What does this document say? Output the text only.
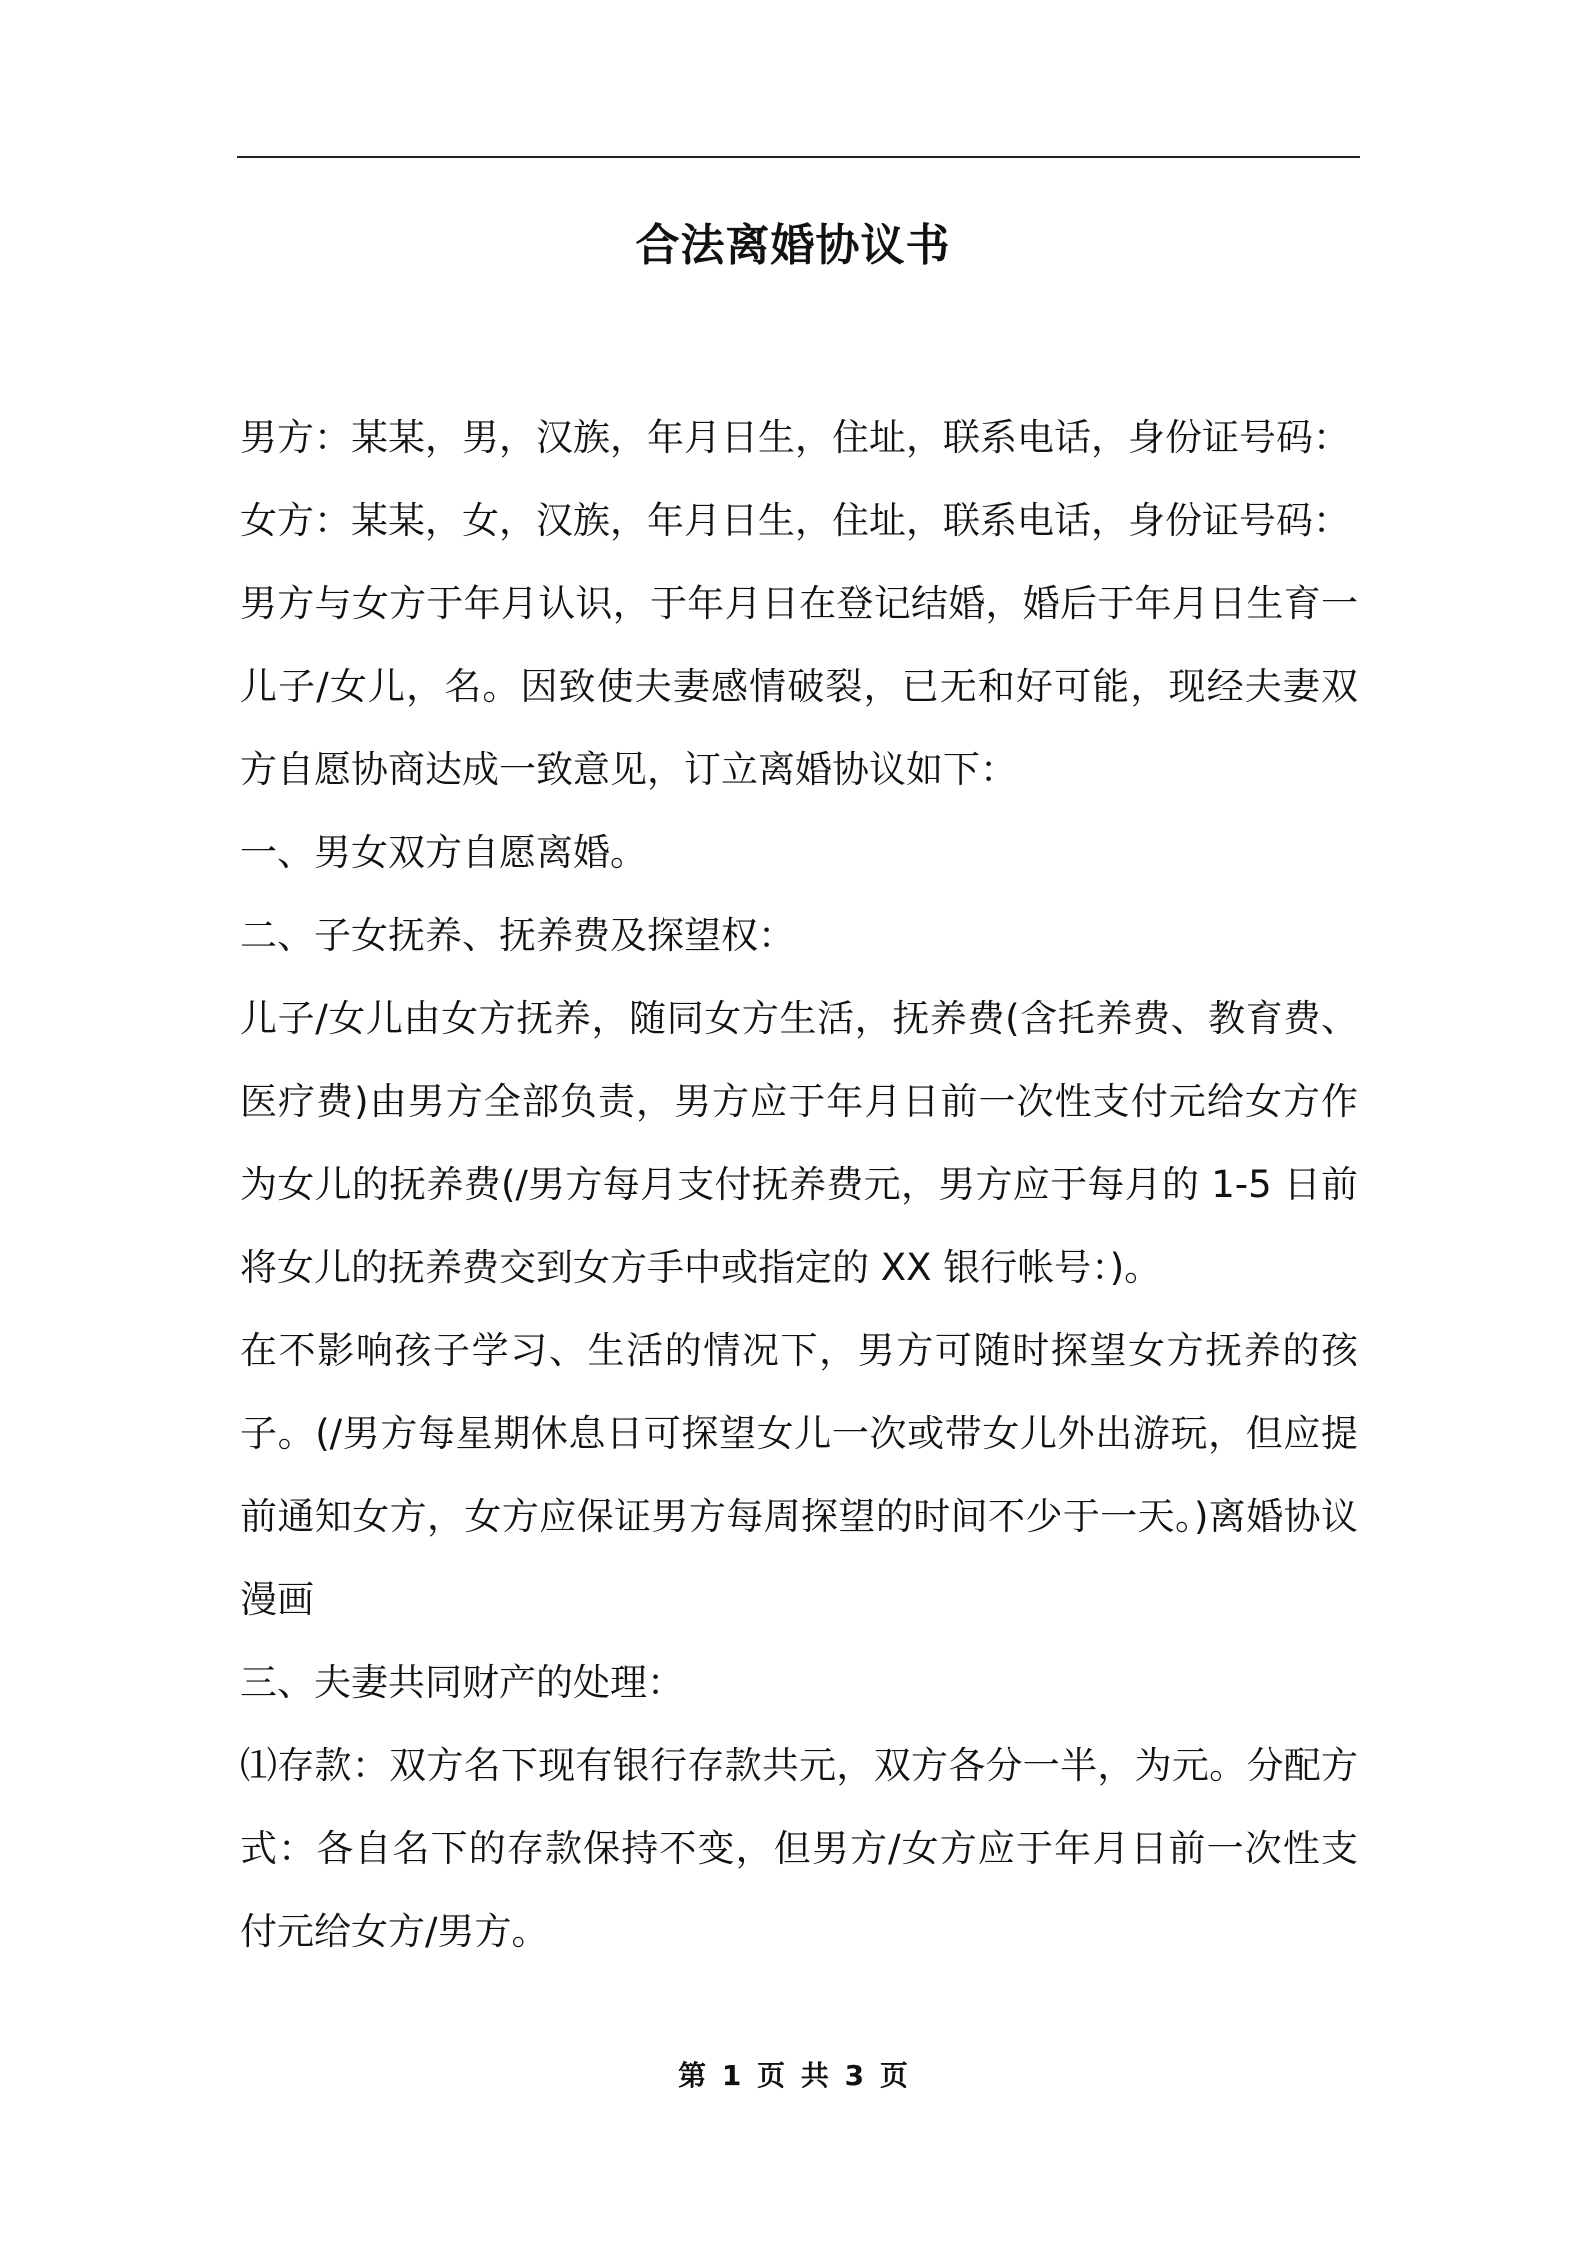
合法离婚协议书

男方：某某，男，汉族，年月日生，住址，联系电话，身份证号码：

女方：某某，女，汉族，年月日生，住址，联系电话，身份证号码：

男方与女方于年月认识，于年月日在登记结婚，婚后于年月日生育一儿子/女儿，名。因致使夫妻感情破裂，已无和好可能，现经夫妻双方自愿协商达成一致意见，订立离婚协议如下：

一、男女双方自愿离婚。

二、子女抚养、抚养费及探望权：

儿子/女儿由女方抚养，随同女方生活，抚养费(含托养费、教育费、医疗费)由男方全部负责，男方应于年月日前一次性支付元给女方作为女儿的抚养费(/男方每月支付抚养费元，男方应于每月的 1-5 日前将女儿的抚养费交到女方手中或指定的 XX 银行帐号：)。

在不影响孩子学习、生活的情况下，男方可随时探望女方抚养的孩子。(/男方每星期休息日可探望女儿一次或带女儿外出游玩，但应提前通知女方，女方应保证男方每周探望的时间不少于一天。)离婚协议漫画

三、夫妻共同财产的处理：

⑴存款：双方名下现有银行存款共元，双方各分一半，为元。分配方式：各自名下的存款保持不变，但男方/女方应于年月日前一次性支付元给女方/男方。

第 1 页 共 3 页
